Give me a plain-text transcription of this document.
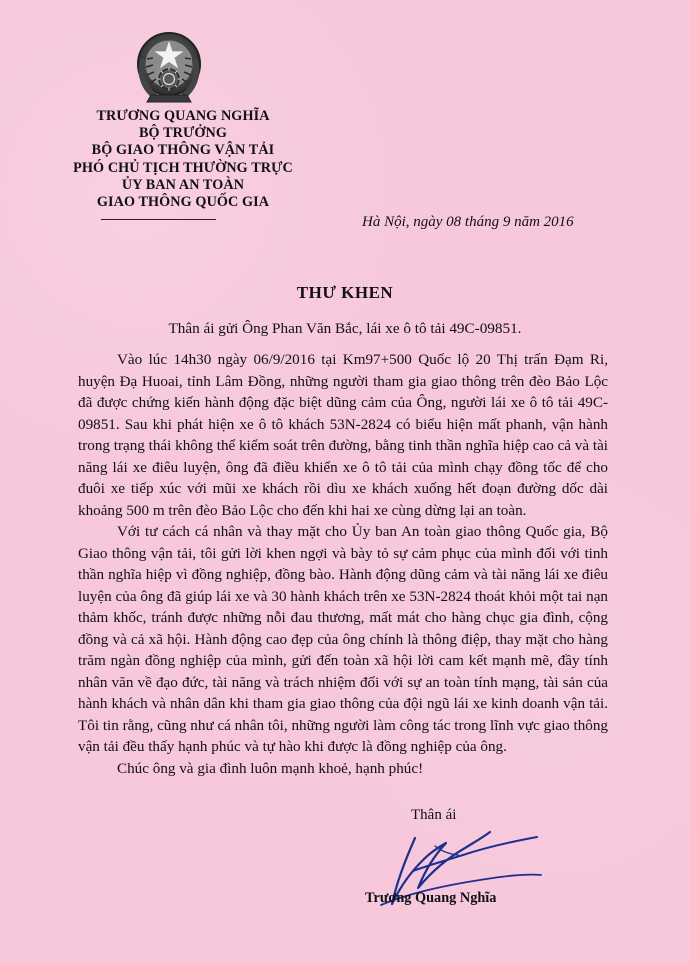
TRƯƠNG QUANG NGHĨA
BỘ TRƯỞNG
BỘ GIAO THÔNG VẬN TẢI
PHÓ CHỦ TỊCH THƯỜNG TRỰC
ỦY BAN AN TOÀN
GIAO THÔNG QUỐC GIA
Hà Nội, ngày 08 tháng 9 năm 2016
THƯ KHEN
Thân ái gửi Ông Phan Văn Bắc, lái xe ô tô tải 49C-09851.

Vào lúc 14h30 ngày 06/9/2016 tại Km97+500 Quốc lộ 20 Thị trấn Đạm Ri, huyện Đạ Huoai, tỉnh Lâm Đồng, những người tham gia giao thông trên đèo Bảo Lộc đã được chứng kiến hành động đặc biệt dũng cảm của Ông, người lái xe ô tô tải 49C-09851. Sau khi phát hiện xe ô tô khách 53N-2824 có biểu hiện mất phanh, vận hành trong trạng thái không thể kiểm soát trên đường, bằng tinh thần nghĩa hiệp cao cả và tài năng lái xe điêu luyện, ông đã điều khiển xe ô tô tải của mình chạy đồng tốc để cho đuôi xe tiếp xúc với mũi xe khách rồi dìu xe khách xuống hết đoạn đường dốc dài khoảng 500 m trên đèo Bảo Lộc cho đến khi hai xe cùng dừng lại an toàn.

Với tư cách cá nhân và thay mặt cho Ủy ban An toàn giao thông Quốc gia, Bộ Giao thông vận tải, tôi gửi lời khen ngợi và bày tỏ sự cảm phục của mình đối với tinh thần nghĩa hiệp vì đồng nghiệp, đồng bào. Hành động dũng cảm và tài năng lái xe điêu luyện của ông đã giúp lái xe và 30 hành khách trên xe 53N-2824 thoát khỏi một tai nạn thảm khốc, tránh được những nỗi đau thương, mất mát cho hàng chục gia đình, cộng đồng và cả xã hội. Hành động cao đẹp của ông chính là thông điệp, thay mặt cho hàng trăm ngàn đồng nghiệp của mình, gửi đến toàn xã hội lời cam kết mạnh mẽ, đầy tính nhân văn về đạo đức, tài năng và trách nhiệm đối với sự an toàn tính mạng, tài sản của hành khách và nhân dân khi tham gia giao thông của đội ngũ lái xe kinh doanh vận tải. Tôi tin rằng, cũng như cá nhân tôi, những người làm công tác trong lĩnh vực giao thông vận tải đều thấy hạnh phúc và tự hào khi được là đồng nghiệp của ông.

Chúc ông và gia đình luôn mạnh khoẻ, hạnh phúc!

Thân ái
Trương Quang Nghĩa
